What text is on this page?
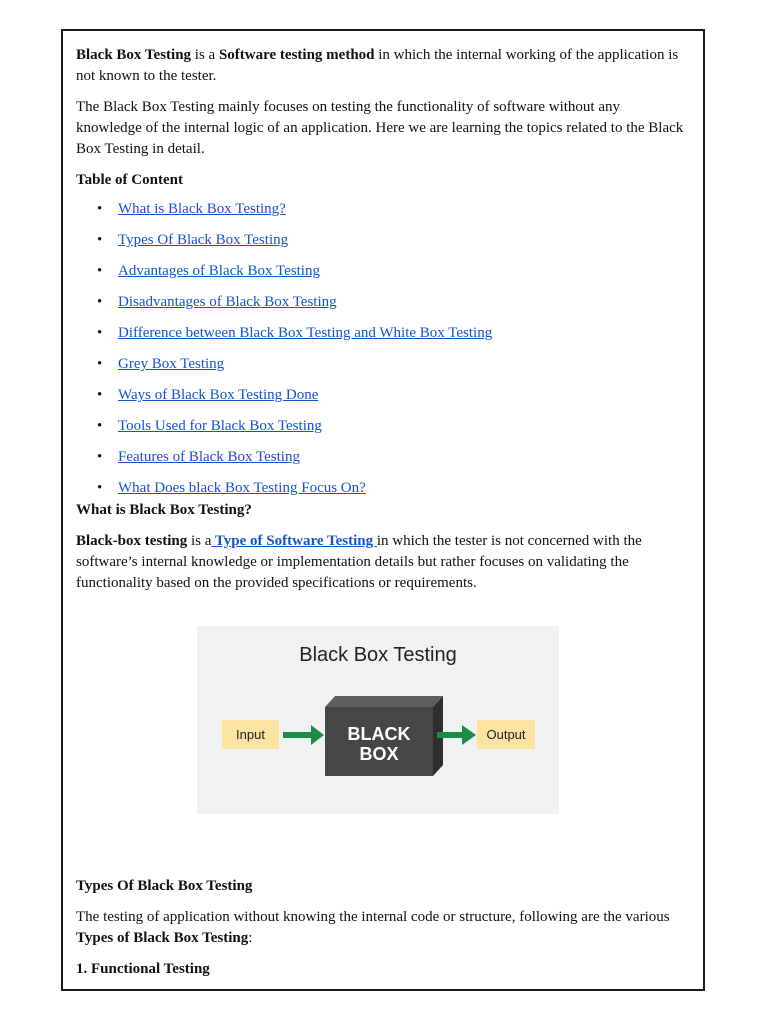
Black Box Testing is a Software testing method in which the internal working of the application is not known to the tester.

The Black Box Testing mainly focuses on testing the functionality of software without any knowledge of the internal logic of an application. Here we are learning the topics related to the Black Box Testing in detail.

Table of Content

• What is Black Box Testing?
• Types Of Black Box Testing
• Advantages of Black Box Testing
• Disadvantages of Black Box Testing
• Difference between Black Box Testing and White Box Testing
• Grey Box Testing
• Ways of Black Box Testing Done
• Tools Used for Black Box Testing
• Features of Black Box Testing
• What Does black Box Testing Focus On?

What is Black Box Testing?

Black-box testing is a Type of Software Testing in which the tester is not concerned with the software’s internal knowledge or implementation details but rather focuses on validating the functionality based on the provided specifications or requirements.

Black Box Testing
Input	BLACK
BOX
Output

Types Of Black Box Testing

The testing of application without knowing the internal code or structure, following are the various Types of Black Box Testing:

1. Functional Testing
